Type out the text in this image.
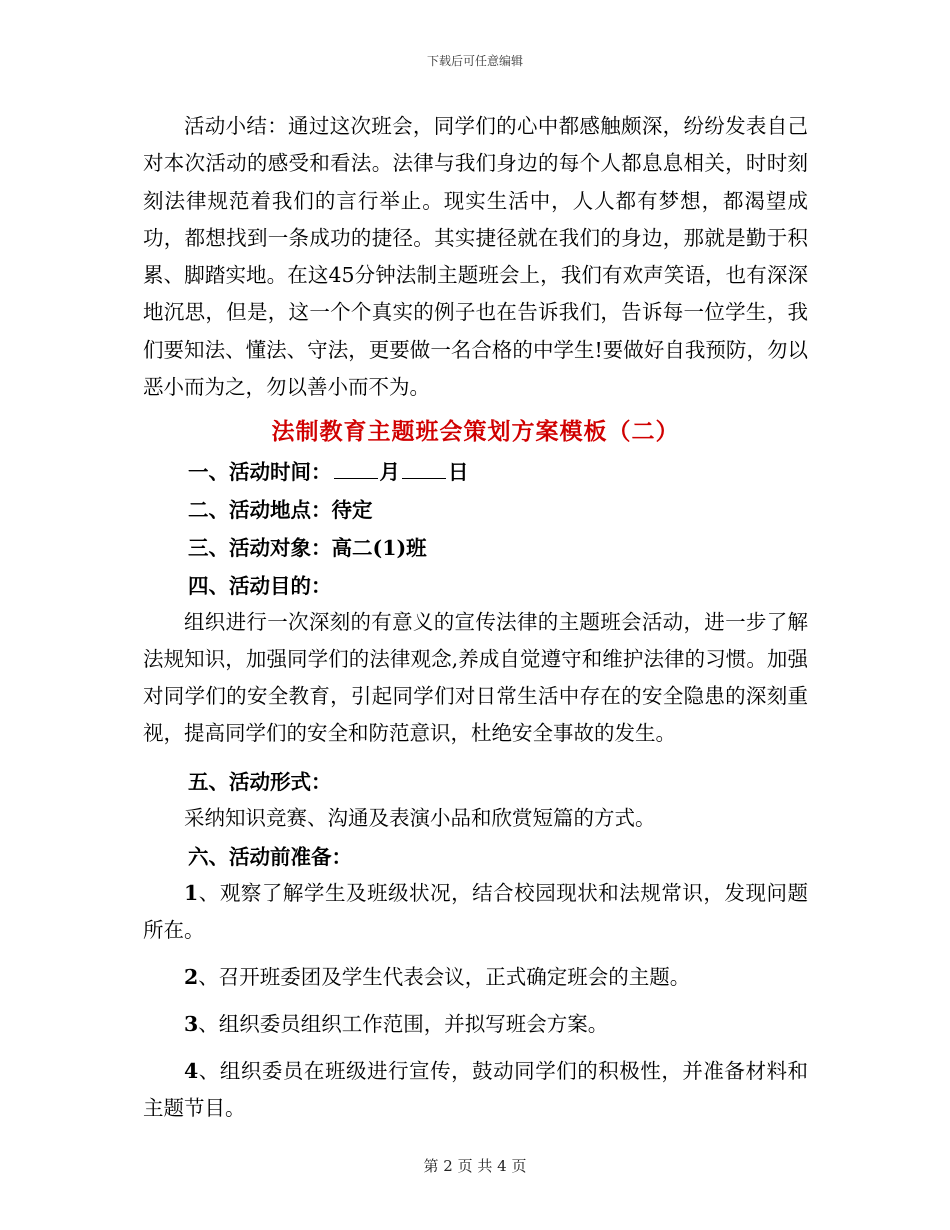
下载后可任意编辑

活动小结：通过这次班会，同学们的心中都感触颇深，纷纷发表自己对本次活动的感受和看法。法律与我们身边的每个人都息息相关，时时刻刻法律规范着我们的言行举止。现实生活中，人人都有梦想，都渴望成功，都想找到一条成功的捷径。其实捷径就在我们的身边，那就是勤于积累、脚踏实地。在这45分钟法制主题班会上，我们有欢声笑语，也有深深地沉思，但是，这一个个真实的例子也在告诉我们，告诉每一位学生，我们要知法、懂法、守法，更要做一名合格的中学生!要做好自我预防，勿以恶小而为之，勿以善小而不为。

法制教育主题班会策划方案模板（二）
一、活动时间： 月 日
二、活动地点：待定
三、活动对象：高二(1)班
四、活动目的：

组织进行一次深刻的有意义的宣传法律的主题班会活动，进一步了解法规知识，加强同学们的法律观念,养成自觉遵守和维护法律的习惯。加强对同学们的安全教育，引起同学们对日常生活中存在的安全隐患的深刻重视，提高同学们的安全和防范意识，杜绝安全事故的发生。

五、活动形式：

采纳知识竞赛、沟通及表演小品和欣赏短篇的方式。

六、活动前准备：

1、观察了解学生及班级状况，结合校园现状和法规常识，发现问题所在。

2、召开班委团及学生代表会议，正式确定班会的主题。

3、组织委员组织工作范围，并拟写班会方案。

4、组织委员在班级进行宣传，鼓动同学们的积极性，并准备材料和主题节目。

第 2 页 共 4 页
